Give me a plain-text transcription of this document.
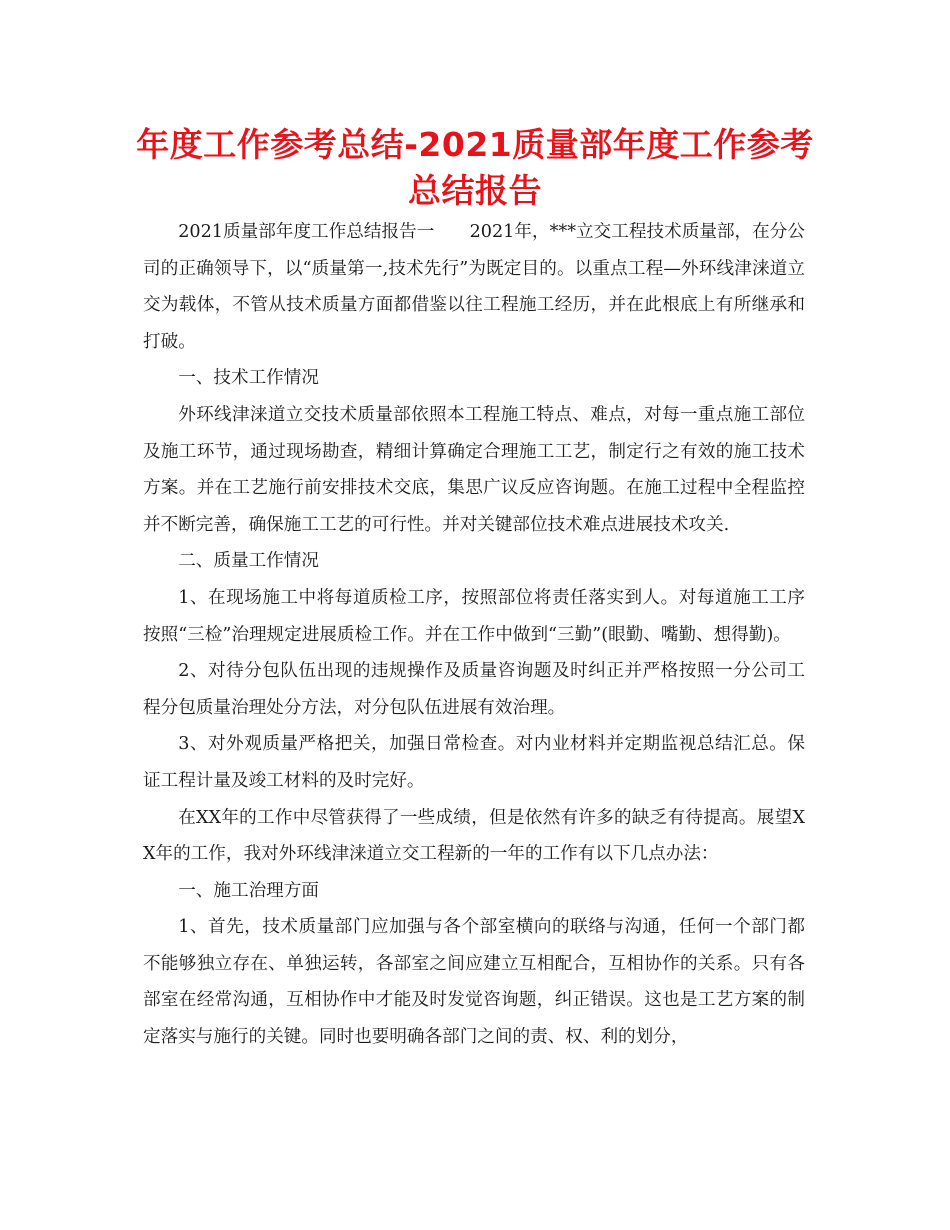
年度工作参考总结-2021质量部年度工作参考总结报告

2021质量部年度工作总结报告一　　2021年，***立交工程技术质量部，在分公司的正确领导下，以“质量第一,技术先行”为既定目的。以重点工程—外环线津涞道立交为载体，不管从技术质量方面都借鉴以往工程施工经历，并在此根底上有所继承和打破。

一、技术工作情况

外环线津涞道立交技术质量部依照本工程施工特点、难点，对每一重点施工部位及施工环节，通过现场勘查，精细计算确定合理施工工艺，制定行之有效的施工技术方案。并在工艺施行前安排技术交底，集思广议反应咨询题。在施工过程中全程监控并不断完善，确保施工工艺的可行性。并对关键部位技术难点进展技术攻关.

二、质量工作情况

1、在现场施工中将每道质检工序，按照部位将责任落实到人。对每道施工工序按照“三检”治理规定进展质检工作。并在工作中做到“三勤”(眼勤、嘴勤、想得勤)。

2、对待分包队伍出现的违规操作及质量咨询题及时纠正并严格按照一分公司工程分包质量治理处分方法，对分包队伍进展有效治理。

3、对外观质量严格把关，加强日常检查。对内业材料并定期监视总结汇总。保证工程计量及竣工材料的及时完好。

在XX年的工作中尽管获得了一些成绩，但是依然有许多的缺乏有待提高。展望XX年的工作，我对外环线津涞道立交工程新的一年的工作有以下几点办法：

一、施工治理方面

1、首先，技术质量部门应加强与各个部室横向的联络与沟通，任何一个部门都不能够独立存在、单独运转，各部室之间应建立互相配合，互相协作的关系。只有各部室在经常沟通，互相协作中才能及时发觉咨询题，纠正错误。这也是工艺方案的制定落实与施行的关键。同时也要明确各部门之间的责、权、利的划分，
